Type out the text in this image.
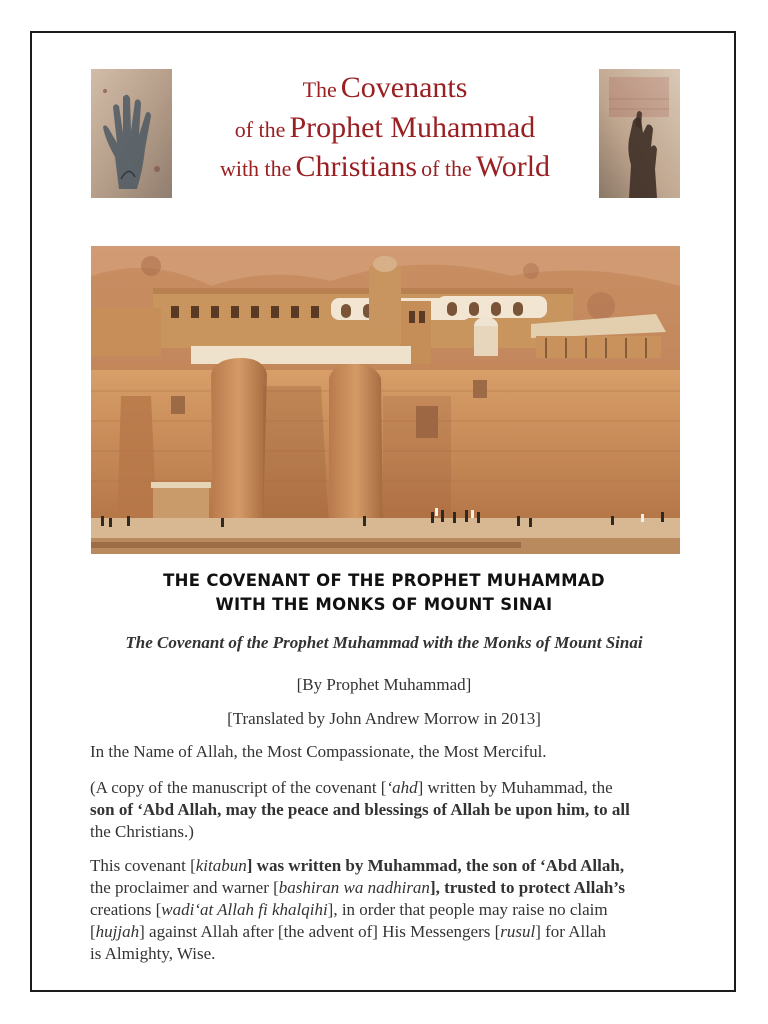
The Covenants
of the Prophet Muhammad
with the Christians of the World
THE COVENANT OF THE PROPHET MUHAMMAD
WITH THE MONKS OF MOUNT SINAI
The Covenant of the Prophet Muhammad with the Monks of Mount Sinai
[By Prophet Muhammad]
[Translated by John Andrew Morrow in 2013]
In the Name of Allah, the Most Compassionate, the Most Merciful.
(A copy of the manuscript of the covenant [‘ahd] written by Muhammad, the
son of ‘Abd Allah, may the peace and blessings of Allah be upon him, to all
the Christians.)
This covenant [kitabun] was written by Muhammad, the son of ‘Abd Allah,
the proclaimer and warner [bashiran wa nadhiran], trusted to protect Allah’s
creations [wadi‘at Allah fi khalqihi], in order that people may raise no claim
[hujjah] against Allah after [the advent of] His Messengers [rusul] for Allah
is Almighty, Wise.
